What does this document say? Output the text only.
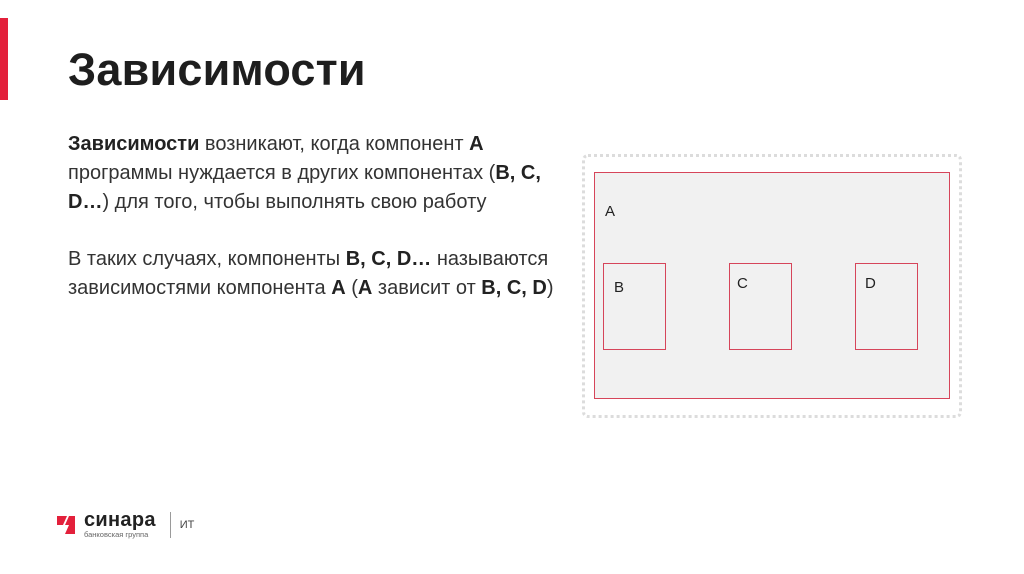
Зависимости

Зависимости возникают, когда компонент A программы нуждается в других компонентах (B, C, D…) для того, чтобы выполнять свою работу

В таких случаях, компоненты B, C, D… называются зависимостями компонента A (A зависит от B, C, D)

A
B	C	D
синара
банковская группа
ИТ
